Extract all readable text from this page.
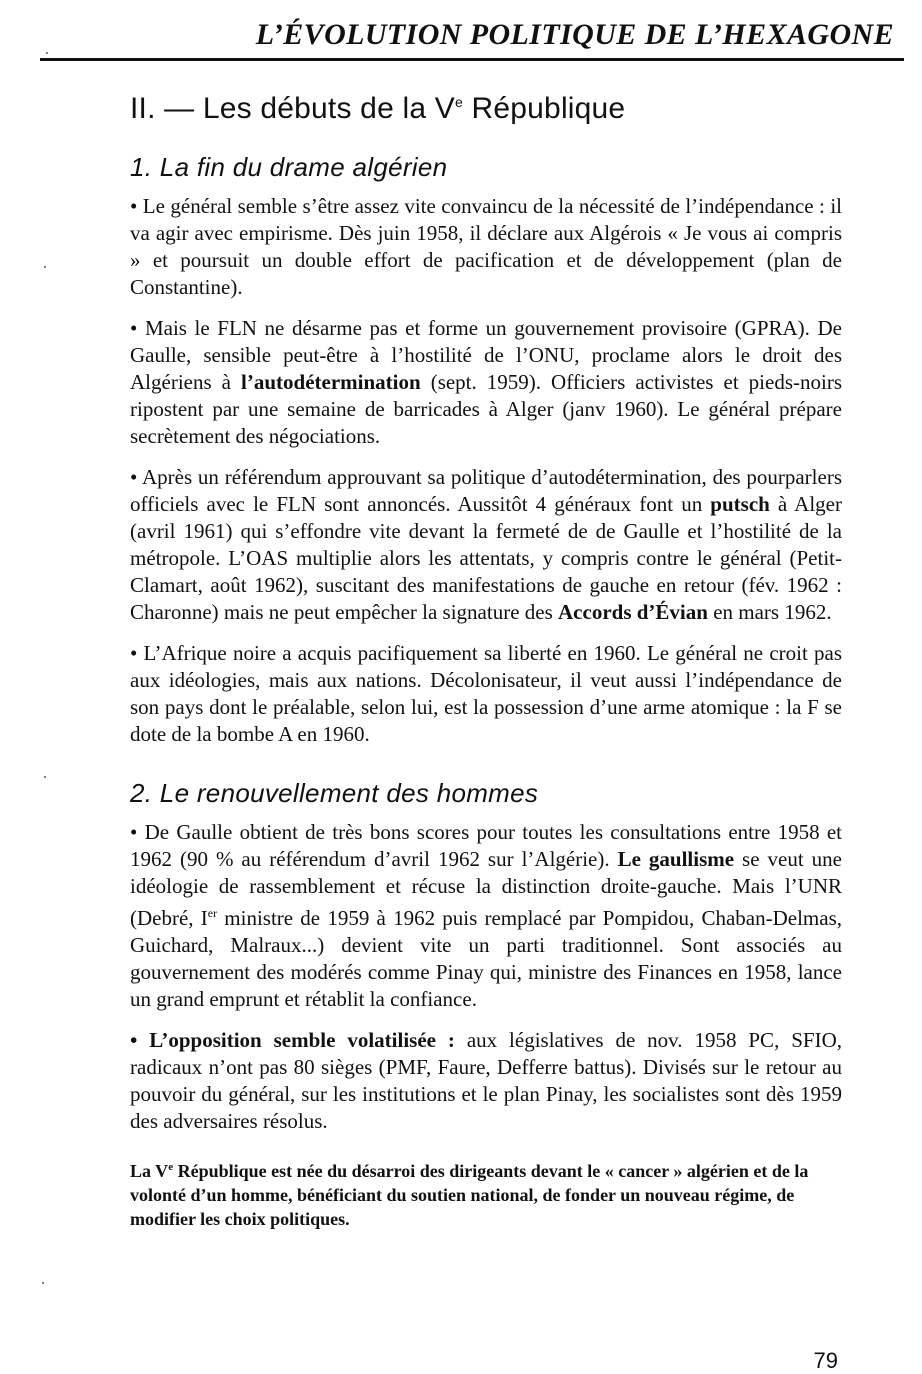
L’ÉVOLUTION POLITIQUE DE L’HEXAGONE
II. — Les débuts de la Ve République
1. La fin du drame algérien

• Le général semble s’être assez vite convaincu de la nécessité de l’indépendance : il va agir avec empirisme. Dès juin 1958, il déclare aux Algérois « Je vous ai compris » et poursuit un double effort de pacification et de développement (plan de Constantine).

• Mais le FLN ne désarme pas et forme un gouvernement provisoire (GPRA). De Gaulle, sensible peut-être à l’hostilité de l’ONU, proclame alors le droit des Algériens à l’autodétermination (sept. 1959). Officiers activistes et pieds-noirs ripostent par une semaine de barricades à Alger (janv 1960). Le général prépare secrètement des négociations.

• Après un référendum approuvant sa politique d’autodétermination, des pourparlers officiels avec le FLN sont annoncés. Aussitôt 4 généraux font un putsch à Alger (avril 1961) qui s’effondre vite devant la fermeté de de Gaulle et l’hostilité de la métropole. L’OAS multiplie alors les attentats, y compris contre le général (Petit-Clamart, août 1962), suscitant des manifestations de gauche en retour (fév. 1962 : Charonne) mais ne peut empêcher la signature des Accords d’Évian en mars 1962.

• L’Afrique noire a acquis pacifiquement sa liberté en 1960. Le général ne croit pas aux idéologies, mais aux nations. Décolonisateur, il veut aussi l’indépendance de son pays dont le préalable, selon lui, est la possession d’une arme atomique : la F se dote de la bombe A en 1960.

2. Le renouvellement des hommes

• De Gaulle obtient de très bons scores pour toutes les consultations entre 1958 et 1962 (90 % au référendum d’avril 1962 sur l’Algérie). Le gaullisme se veut une idéologie de rassemblement et récuse la distinction droite-gauche. Mais l’UNR (Debré, Ier ministre de 1959 à 1962 puis remplacé par Pompidou, Chaban-Delmas, Guichard, Malraux...) devient vite un parti traditionnel. Sont associés au gouvernement des modérés comme Pinay qui, ministre des Finances en 1958, lance un grand emprunt et rétablit la confiance.

• L’opposition semble volatilisée : aux législatives de nov. 1958 PC, SFIO, radicaux n’ont pas 80 sièges (PMF, Faure, Defferre battus). Divisés sur le retour au pouvoir du général, sur les institutions et le plan Pinay, les socialistes sont dès 1959 des adversaires résolus.

La Ve République est née du désarroi des dirigeants devant le « cancer » algérien et de la volonté d’un homme, bénéficiant du soutien national, de fonder un nouveau régime, de modifier les choix politiques.

79
